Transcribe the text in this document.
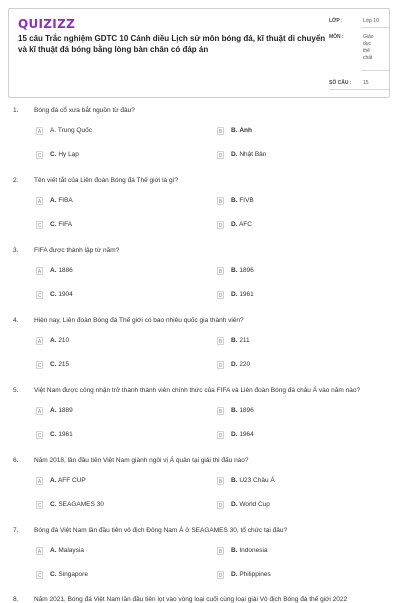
QUIZIZZ
15 câu Trắc nghiệm GDTC 10 Cánh diều Lịch sử môn bóng đá, kĩ thuật di chuyển và kĩ thuật đá bóng bằng lòng bàn chân có đáp án
LỚP :	Lớp 10
MÔN :	Giáo dục thể chất
SỐ CÂU : 15
1. Bóng đá cổ xưa bắt nguồn từ đâu?
A A. Trung Quốc	B B. Anh
C C. Hy Lạp	D D. Nhật Bản
2. Tên viết tắt của Liên đoàn Bóng đá Thế giới là gì?
A A. FIBA	B B. FIVB
C C. FIFA	D D. AFC
3. FIFA được thành lập từ năm?
A A. 1886	B B. 1896
C C. 1904	D D. 1961
4. Hiện nay, Liên đoàn Bóng đá Thế giới có bao nhiêu quốc gia thành viên?
A A. 210	B B. 211
C C. 215	D D. 220
5. Việt Nam được công nhận trở thành thành viên chính thức của FIFA và Liên đoàn Bóng đá châu Á vào năm nào?
A A. 1889	B B. 1896
C C. 1961	D D. 1964
6. Năm 2018, lần đầu tiên Việt Nam giành ngôi vị Á quân tại giải thi đấu nào?
A A. AFF CUP	B B. U23 Châu Á
C C. SEAGAMES 30	D D. World Cup
7. Bóng đá Việt Nam lần đầu tiên vô địch Đông Nam Á ở SEAGAMES 30, tổ chức tại đâu?
A A. Malaysia	B B. Indonesia
C C. Singapore	D D. Philippines
8. Năm 2021, Bóng đá Việt Nam lần đầu tiên lọt vào vòng loại cuối cùng loại giải Vô địch Bóng đá thế giới 2022
